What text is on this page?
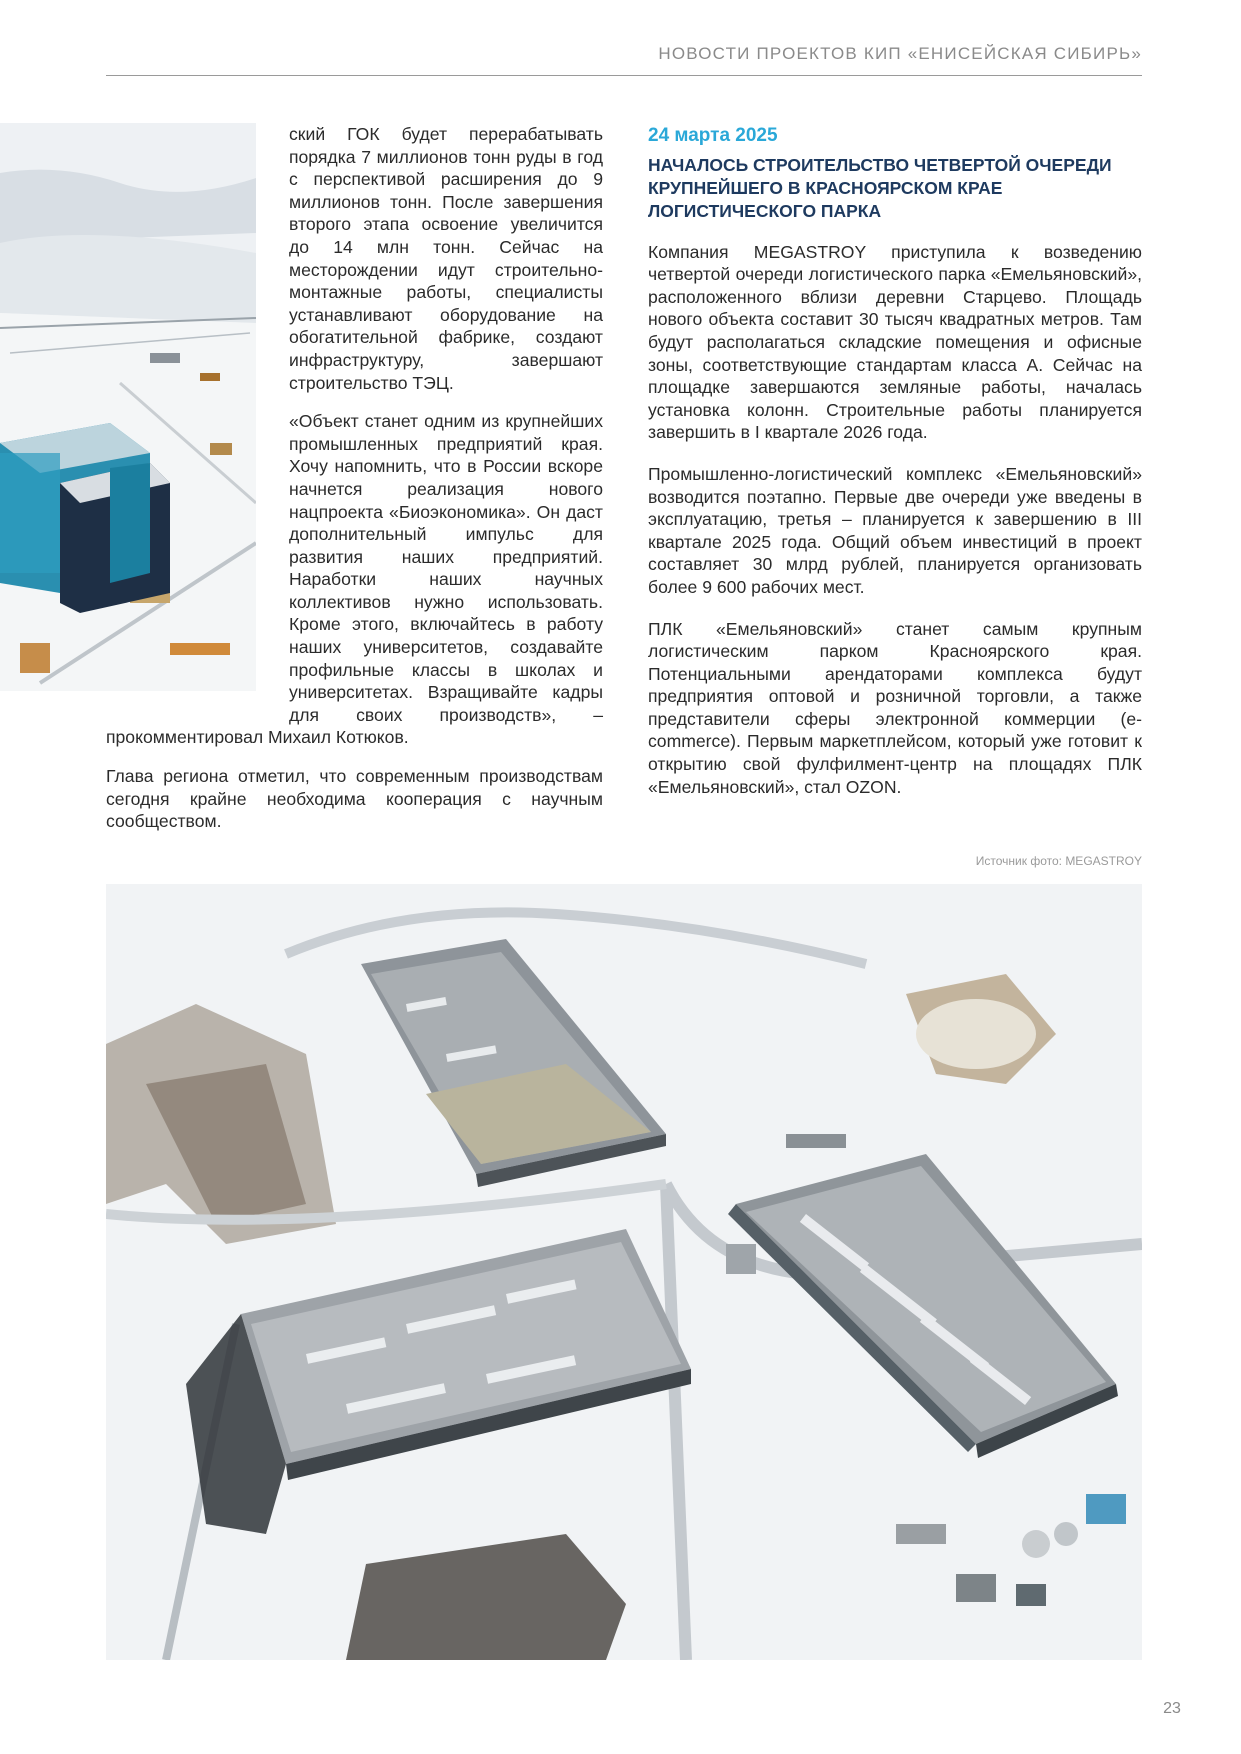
НОВОСТИ ПРОЕКТОВ КИП «ЕНИСЕЙСКАЯ СИБИРЬ»

ский ГОК будет перерабатывать порядка 7 миллионов тонн руды в год с перспективой расширения до 9 миллионов тонн. После завершения второго этапа освоение увеличится до 14 млн тонн. Сейчас на месторождении идут строительно-монтажные работы, специалисты устанавливают оборудование на обогатительной фабрике, создают инфраструктуру, завершают строительство ТЭЦ.

«Объект станет одним из крупнейших промышленных предприятий края. Хочу напомнить, что в России вскоре начнется реализация нового нацпроекта «Биоэкономика». Он даст дополнительный импульс для развития наших предприятий. Наработки наших научных коллективов нужно использовать. Кроме этого, включайтесь в работу наших университетов, создавайте профильные классы в школах и университетах. Взращивайте кадры для своих производств», – прокомментировал Михаил Котюков.

Глава региона отметил, что современным производствам сегодня крайне необходима кооперация с научным сообществом.

24 марта 2025
НАЧАЛОСЬ СТРОИТЕЛЬСТВО ЧЕТВЕРТОЙ ОЧЕРЕДИ КРУПНЕЙШЕГО В КРАСНОЯРСКОМ КРАЕ ЛОГИСТИЧЕСКОГО ПАРКА

Компания MEGASTROY приступила к возведению четвертой очереди логистического парка «Емельяновский», расположенного вблизи деревни Старцево. Площадь нового объекта составит 30 тысяч квадратных метров. Там будут располагаться складские помещения и офисные зоны, соответствующие стандартам класса А. Сейчас на площадке завершаются земляные работы, началась установка колонн. Строительные работы планируется завершить в I квартале 2026 года.

Промышленно-логистический комплекс «Емельяновский» возводится поэтапно. Первые две очереди уже введены в эксплуатацию, третья – планируется к завершению в III квартале 2025 года. Общий объем инвестиций в проект составляет 30 млрд рублей, планируется организовать более 9 600 рабочих мест.

ПЛК «Емельяновский» станет самым крупным логистическим парком Красноярского края. Потенциальными арендаторами комплекса будут предприятия оптовой и розничной торговли, а также представители сферы электронной коммерции (e-commerce). Первым маркетплейсом, который уже готовит к открытию свой фулфилмент-центр на площадях ПЛК «Емельяновский», стал OZON.

Источник фото: MEGASTROY
23
